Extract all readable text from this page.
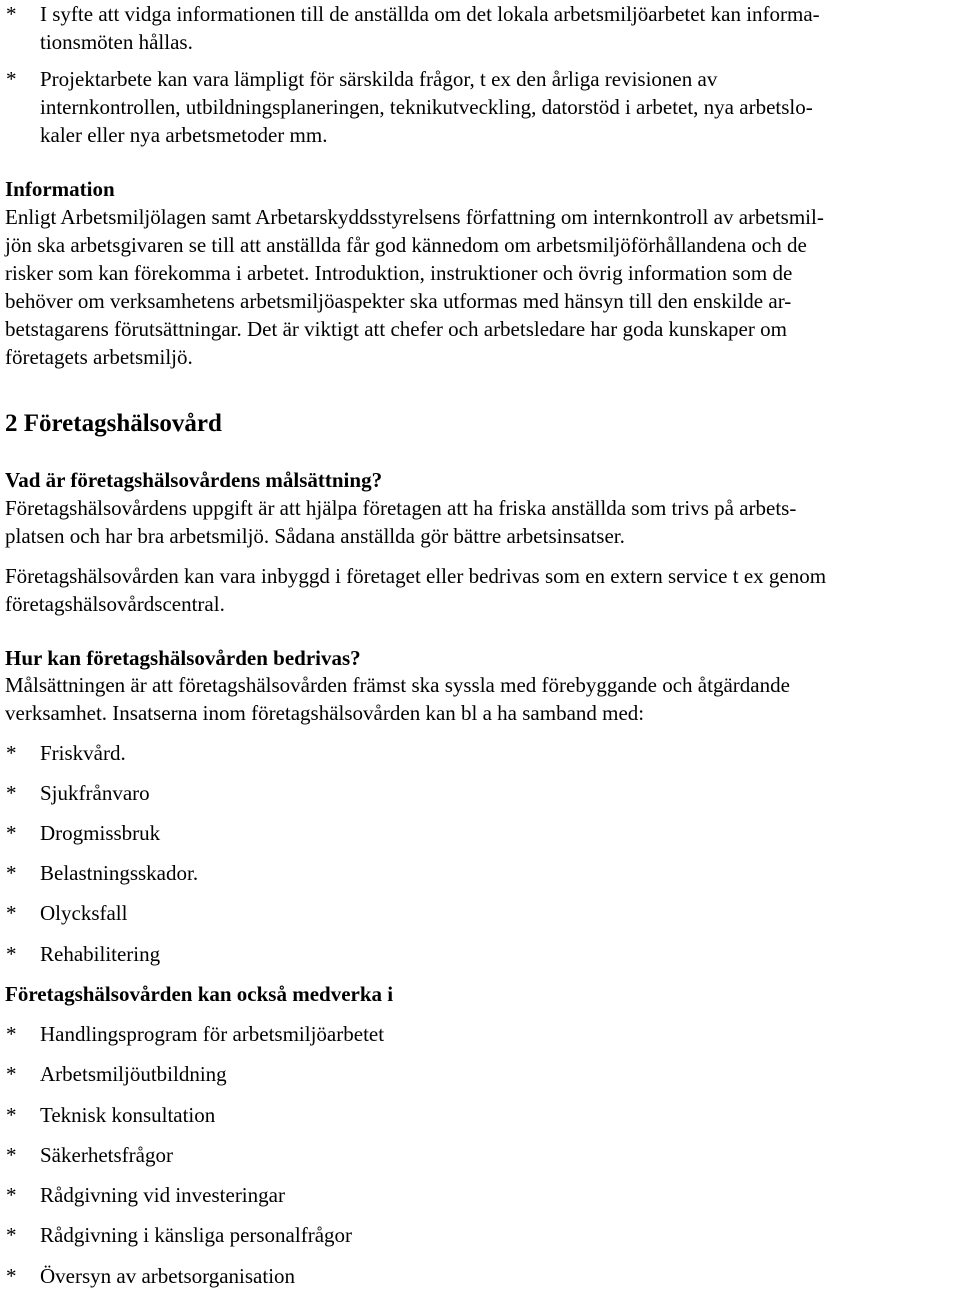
* I syfte att vidga informationen till de anställda om det lokala arbetsmiljöarbetet kan informa-
tionsmöten hållas.
* Projektarbete kan vara lämpligt för särskilda frågor, t ex den årliga revisionen av
internkontrollen, utbildningsplaneringen, teknikutveckling, datorstöd i arbetet, nya arbetslo-
kaler eller nya arbetsmetoder mm.
Information
Enligt Arbetsmiljölagen samt Arbetarskyddsstyrelsens författning om internkontroll av arbetsmil-
jön ska arbetsgivaren se till att anställda får god kännedom om arbetsmiljöförhållandena och de
risker som kan förekomma i arbetet. Introduktion, instruktioner och övrig information som de
behöver om verksamhetens arbetsmiljöaspekter ska utformas med hänsyn till den enskilde ar-
betstagarens förutsättningar. Det är viktigt att chefer och arbetsledare har goda kunskaper om
företagets arbetsmiljö.
2 Företagshälsovård
Vad är företagshälsovårdens målsättning?
Företagshälsovårdens uppgift är att hjälpa företagen att ha friska anställda som trivs på arbets-
platsen och har bra arbetsmiljö. Sådana anställda gör bättre arbetsinsatser.
Företagshälsovården kan vara inbyggd i företaget eller bedrivas som en extern service t ex genom
företagshälsovårdscentral.
Hur kan företagshälsovården bedrivas?
Målsättningen är att företagshälsovården främst ska syssla med förebyggande och åtgärdande
verksamhet. Insatserna inom företagshälsovården kan bl a ha samband med:
* Friskvård.
* Sjukfrånvaro
* Drogmissbruk
* Belastningsskador.
* Olycksfall
* Rehabilitering
Företagshälsovården kan också medverka i
* Handlingsprogram för arbetsmiljöarbetet
* Arbetsmiljöutbildning
* Teknisk konsultation
* Säkerhetsfrågor
* Rådgivning vid investeringar
* Rådgivning i känsliga personalfrågor
* Översyn av arbetsorganisation
